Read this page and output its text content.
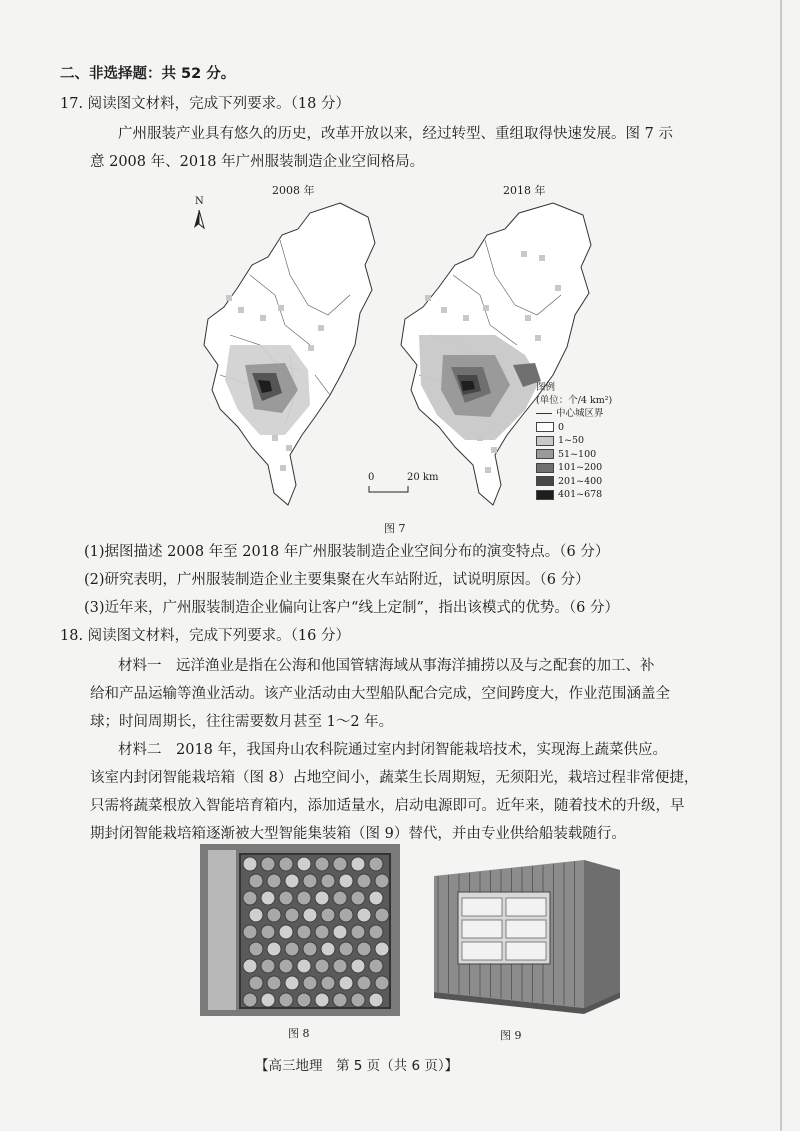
二、非选择题：共 52 分。
17. 阅读图文材料，完成下列要求。（18 分）
广州服装产业具有悠久的历史，改革开放以来，经过转型、重组取得快速发展。图 7 示
意 2008 年、2018 年广州服装制造企业空间格局。
2008 年	2018 年
N
图例
(单位：个/4 km²)
中心城区界
0
1~50
51~100
101~200
201~400
401~678
0	20 km
图 7
(1)据图描述 2008 年至 2018 年广州服装制造企业空间分布的演变特点。（6 分）
(2)研究表明，广州服装制造企业主要集聚在火车站附近，试说明原因。（6 分）
(3)近年来，广州服装制造企业偏向让客户“线上定制”，指出该模式的优势。（6 分）
18. 阅读图文材料，完成下列要求。（16 分）
材料一　远洋渔业是指在公海和他国管辖海域从事海洋捕捞以及与之配套的加工、补
给和产品运输等渔业活动。该产业活动由大型船队配合完成，空间跨度大，作业范围涵盖全
球；时间周期长，往往需要数月甚至 1～2 年。
材料二　2018 年，我国舟山农科院通过室内封闭智能栽培技术，实现海上蔬菜供应。
该室内封闭智能栽培箱（图 8）占地空间小，蔬菜生长周期短，无须阳光，栽培过程非常便捷，
只需将蔬菜根放入智能培育箱内，添加适量水，启动电源即可。近年来，随着技术的升级，早
期封闭智能栽培箱逐渐被大型智能集装箱（图 9）替代，并由专业供给船装载随行。
图 8	图 9
【高三地理　第 5 页（共 6 页）】
